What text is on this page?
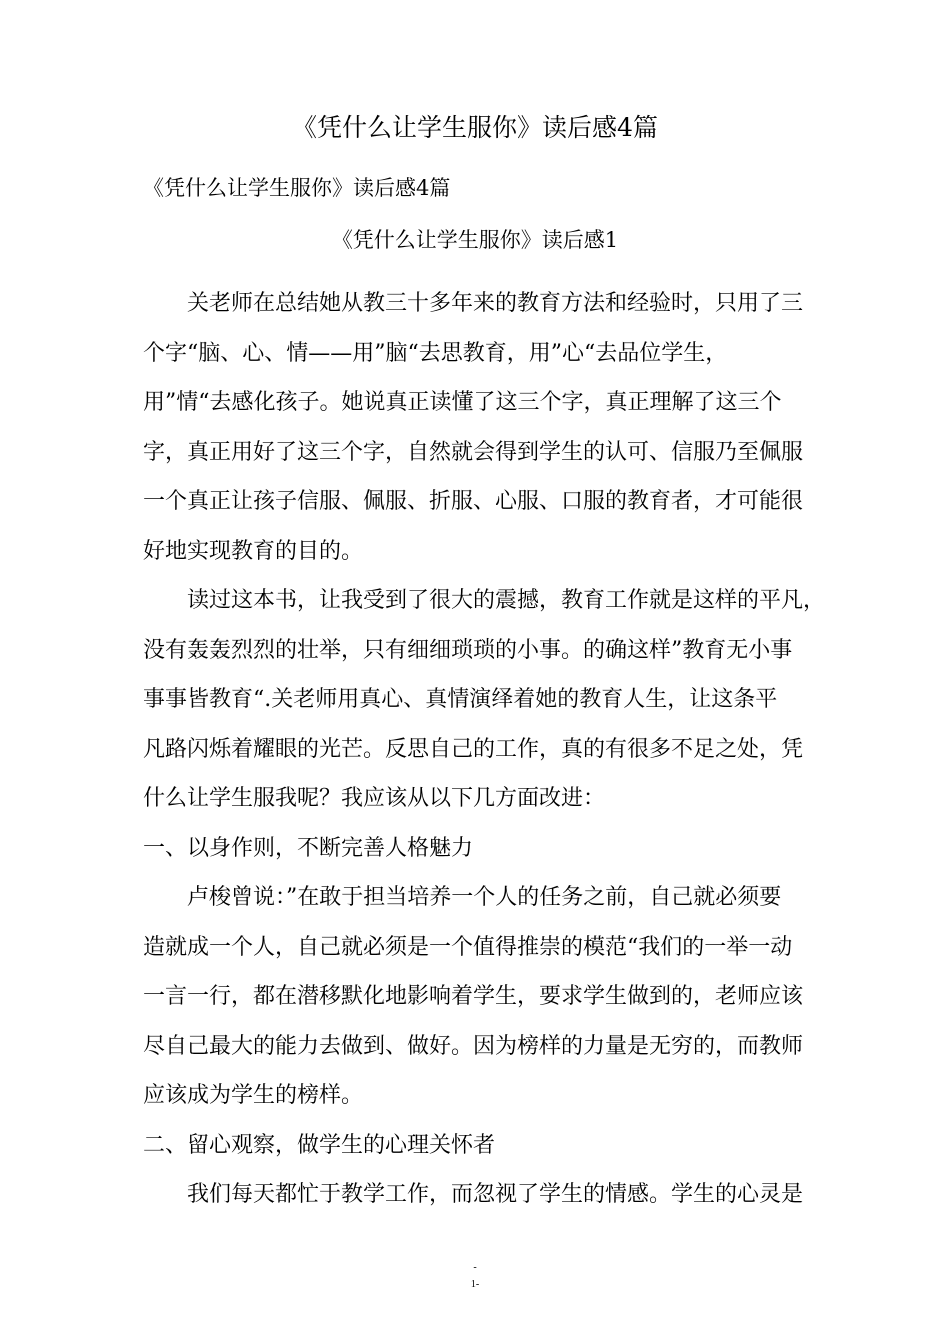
《凭什么让学生服你》读后感4篇
《凭什么让学生服你》读后感4篇
《凭什么让学生服你》读后感1
关老师在总结她从教三十多年来的教育方法和经验时，只用了三
个字“脑、心、情——用”脑“去思教育，用”心“去品位学生，
用”情“去感化孩子。她说真正读懂了这三个字，真正理解了这三个
字，真正用好了这三个字，自然就会得到学生的认可、信服乃至佩服
一个真正让孩子信服、佩服、折服、心服、口服的教育者，才可能很
好地实现教育的目的。
读过这本书，让我受到了很大的震撼，教育工作就是这样的平凡，
没有轰轰烈烈的壮举，只有细细琐琐的小事。的确这样”教育无小事
事事皆教育“.关老师用真心、真情演绎着她的教育人生，让这条平
凡路闪烁着耀眼的光芒。反思自己的工作，真的有很多不足之处，凭
什么让学生服我呢？我应该从以下几方面改进：
一、以身作则，不断完善人格魅力
卢梭曾说：”在敢于担当培养一个人的任务之前，自己就必须要
造就成一个人，自己就必须是一个值得推崇的模范“我们的一举一动
一言一行，都在潜移默化地影响着学生，要求学生做到的，老师应该
尽自己最大的能力去做到、做好。因为榜样的力量是无穷的，而教师
应该成为学生的榜样。
二、留心观察，做学生的心理关怀者
我们每天都忙于教学工作，而忽视了学生的情感。学生的心灵是
-
1-
